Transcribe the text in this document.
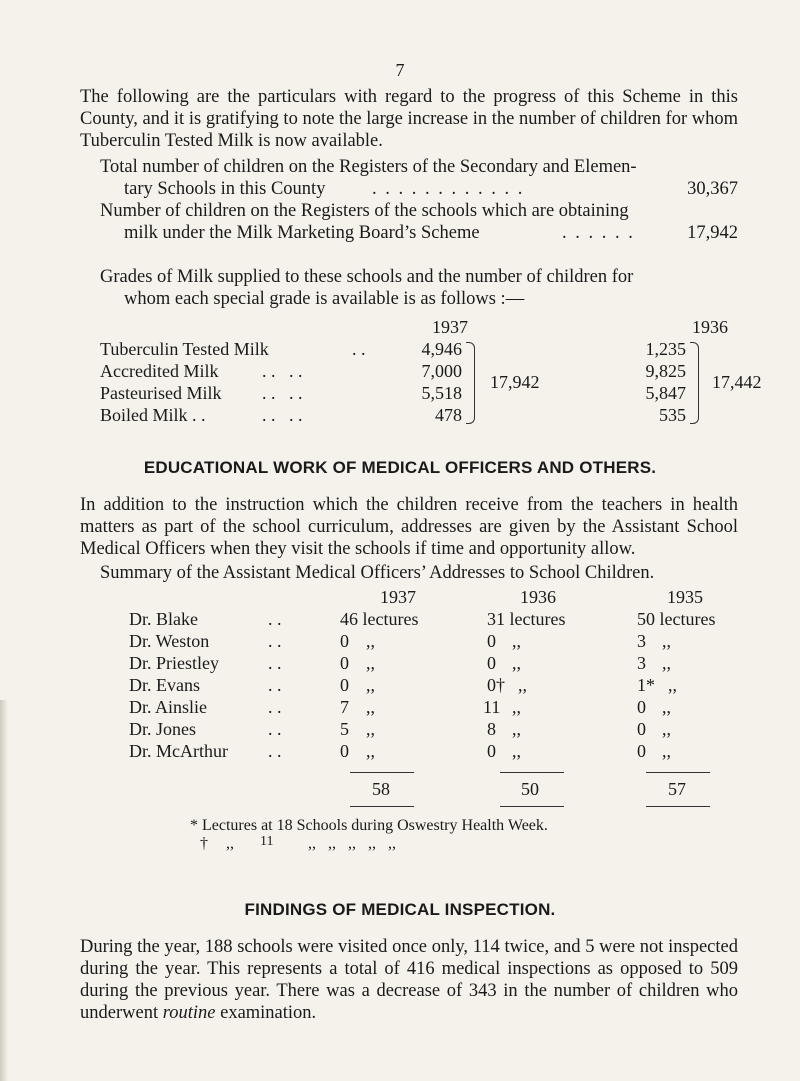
7

The following are the particulars with regard to the progress of this Scheme in this County, and it is gratifying to note the large increase in the number of children for whom Tuberculin Tested Milk is now available.

Total number of children on the Registers of the Secondary and Elemen-
tary Schools in this County	. . . . . . . . . . . .	30,367
Number of children on the Registers of the schools which are obtaining
milk under the Milk Marketing Board’s Scheme	. . . . . .	17,942
Grades of Milk supplied to these schools and the number of children for
whom each special grade is available is as follows :—
1937	1936
Tuberculin Tested Milk	. .	4,946	1,235
Accredited Milk . .   . .	7,000	9,825
Pasteurised Milk . .   . .	5,518	5,847
Boiled Milk . .	. .   . .	478	535
17,942	17,442
EDUCATIONAL WORK OF MEDICAL OFFICERS AND OTHERS.

In addition to the instruction which the children receive from the teachers in health matters as part of the school curriculum, addresses are given by the Assistant School Medical Officers when they visit the schools if time and opportunity allow.

Summary of the Assistant Medical Officers’ Addresses to School Children.
1937	1936	1935
Dr. Blake	. .	46 lectures	31 lectures	50 lectures
Dr. Weston	. .	0 ,,	0 ,,	3 ,,
Dr. Priestley	. .	0 ,,	0 ,,	3 ,,
Dr. Evans	. .	0 ,,	0† ,,	1* ,,
Dr. Ainslie	. .	7 ,,	11 ,,	0 ,,
Dr. Jones	. .	5 ,,	8 ,,	0 ,,
Dr. McArthur . .	0 ,,	0 ,,	0 ,,
58	50	57
* Lectures at 18 Schools during Oswestry Health Week.
† ,, 11 ,,   ,,   ,,   ,,   ,,
FINDINGS OF MEDICAL INSPECTION.

During the year, 188 schools were visited once only, 114 twice, and 5 were not inspected during the year. This represents a total of 416 medical inspections as opposed to 509 during the previous year. There was a decrease of 343 in the number of children who underwent routine examination.
